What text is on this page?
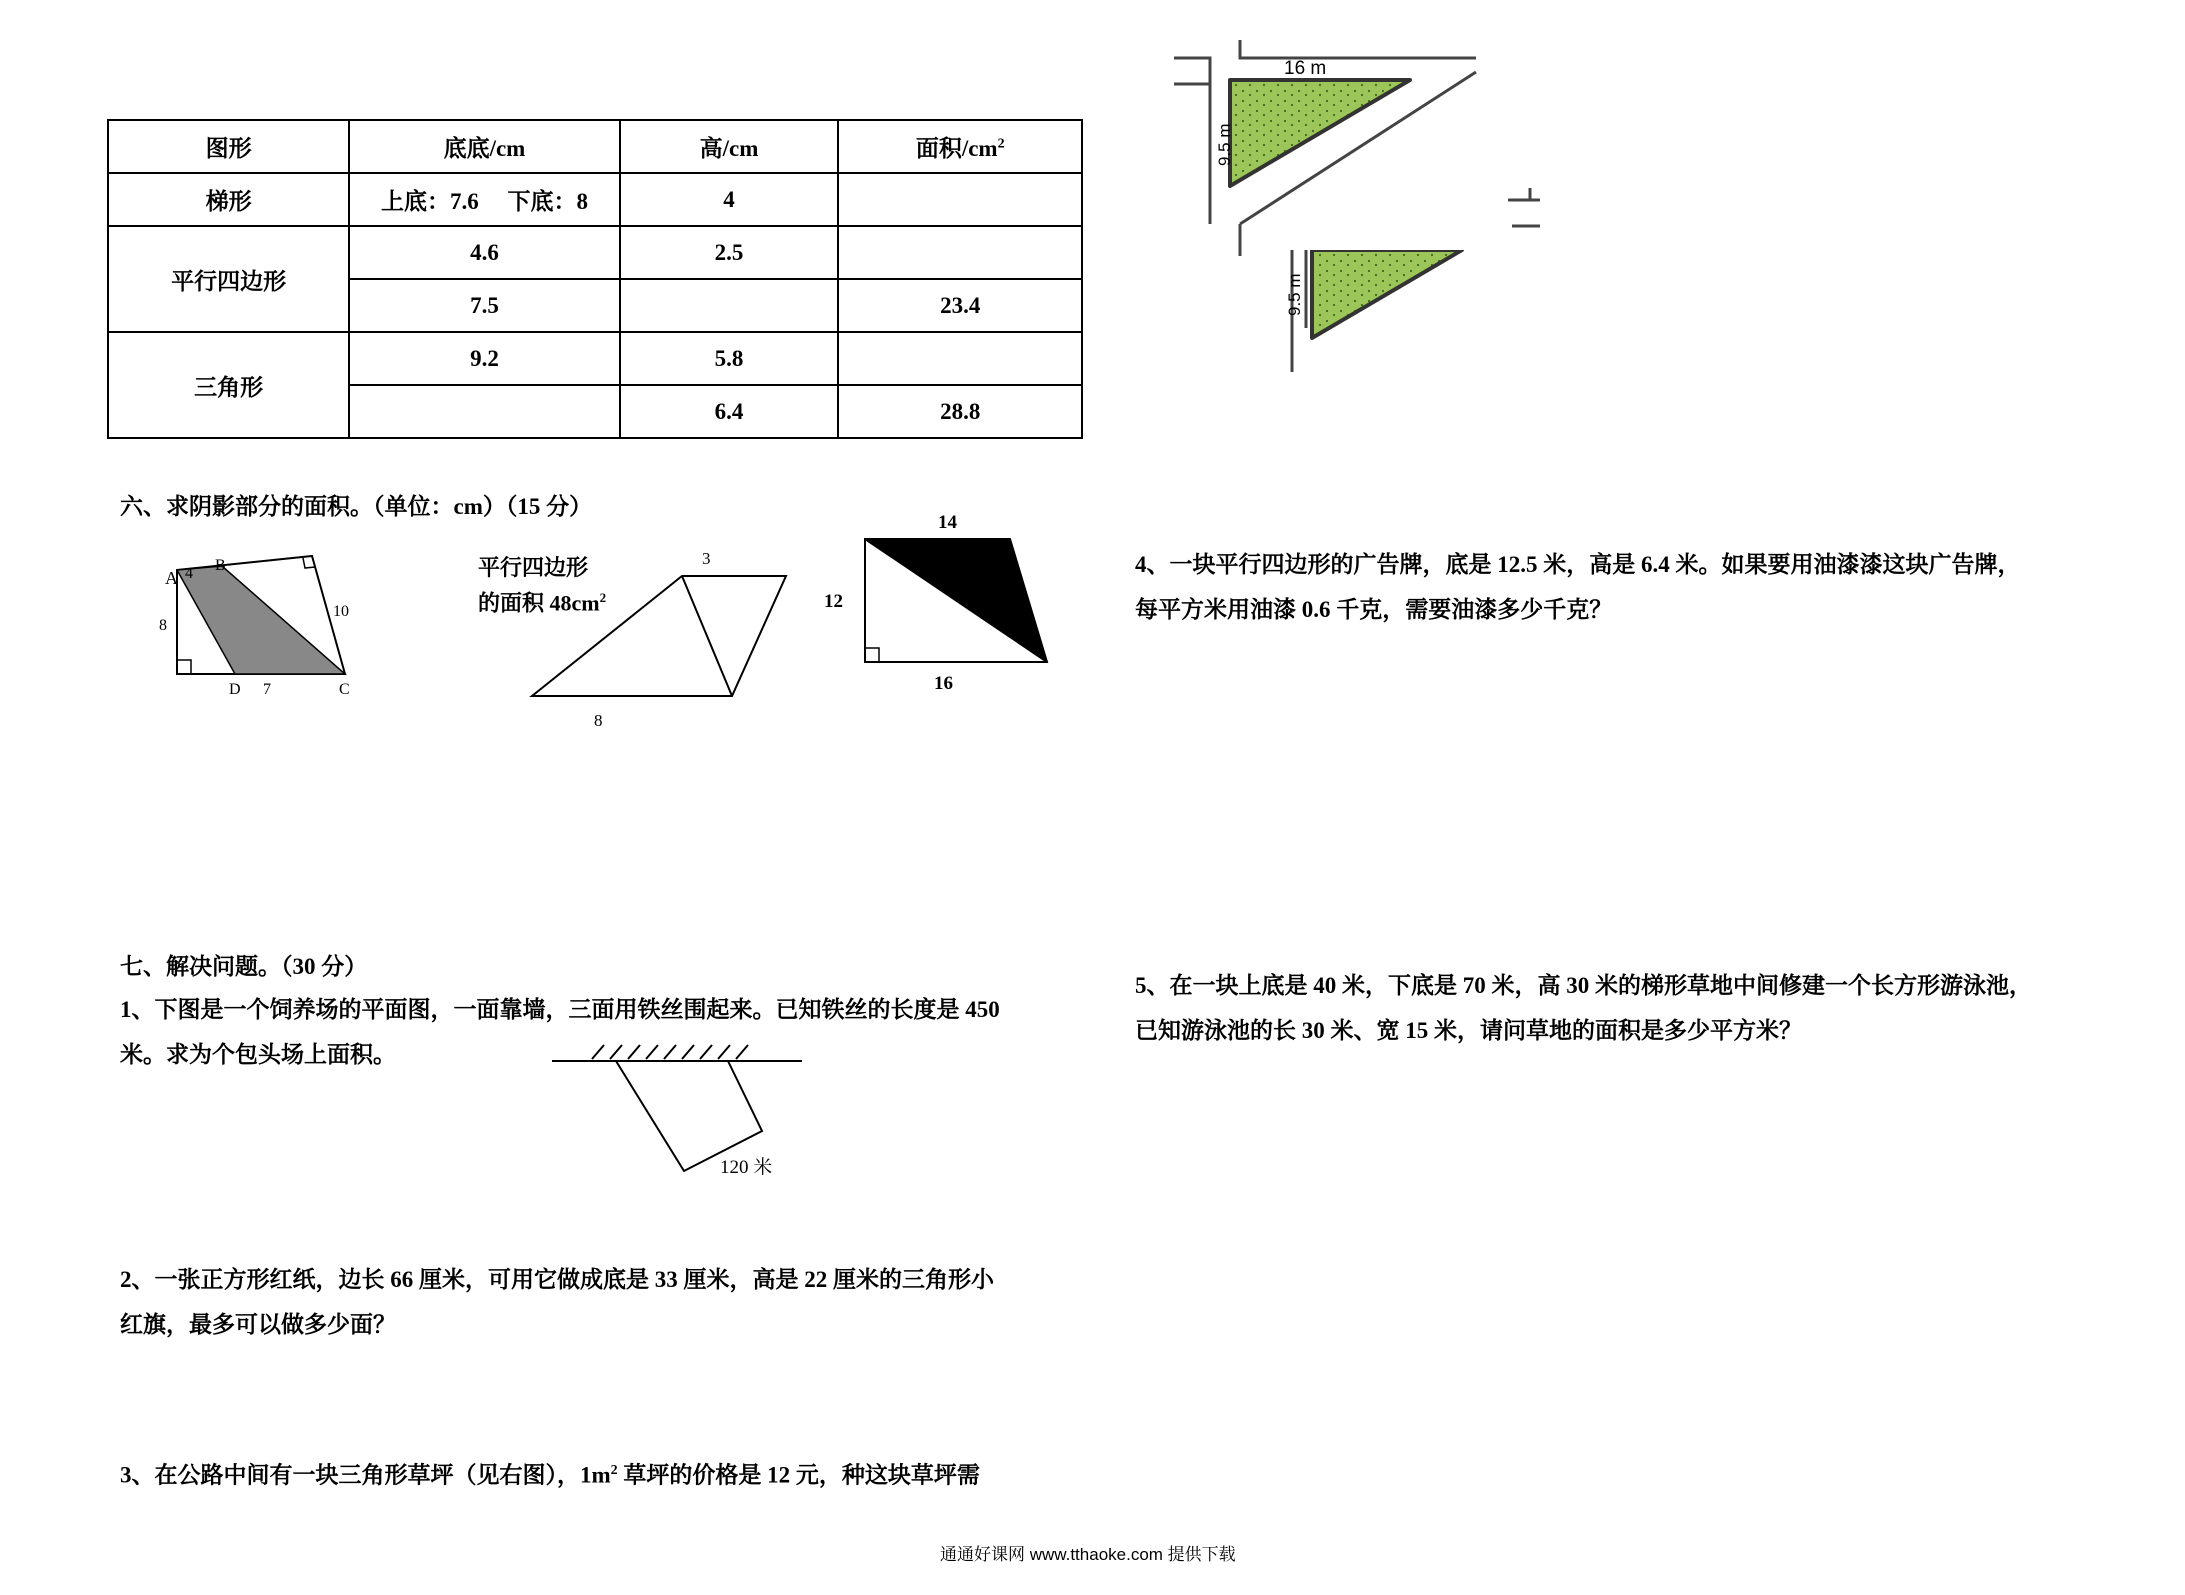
图形	底底/cm	高/cm	面积$/cm^2$
梯形	上底：7.6 下底：8	4	
平行四边形	4.6	2.5	
	7.5		23.4
三角形	9.2	5.8	
		6.4	28.8
六、求阴影部分的面积。（单位：cm）（15 分）
A 4 B
10
8
D 7	C
平行四边形
的面积 $48cm^2$
3
8
14
12
16
七、解决问题。（30 分）
1、下图是一个饲养场的平面图，一面靠墙，三面用铁丝围起来。已知铁丝的长度是 450
米。求为个包头场上面积。
120 米
2、一张正方形红纸，边长 66 厘米，可用它做成底是 33 厘米，高是 22 厘米的三角形小
红旗，最多可以做多少面？
3、在公路中间有一块三角形草坪（见右图），$1m^2$ 草坪的价格是 12 元，种这块草坪需
16 m
9.5 m
9.5 m
4、一块平行四边形的广告牌，底是 12.5 米，高是 6.4 米。如果要用油漆漆这块广告牌，
每平方米用油漆 0.6 千克，需要油漆多少千克？
5、在一块上底是 40 米，下底是 70 米，高 30 米的梯形草地中间修建一个长方形游泳池，
已知游泳池的长 30 米、宽 15 米，请问草地的面积是多少平方米？
通通好课网 www.tthaoke.com 提供下载
